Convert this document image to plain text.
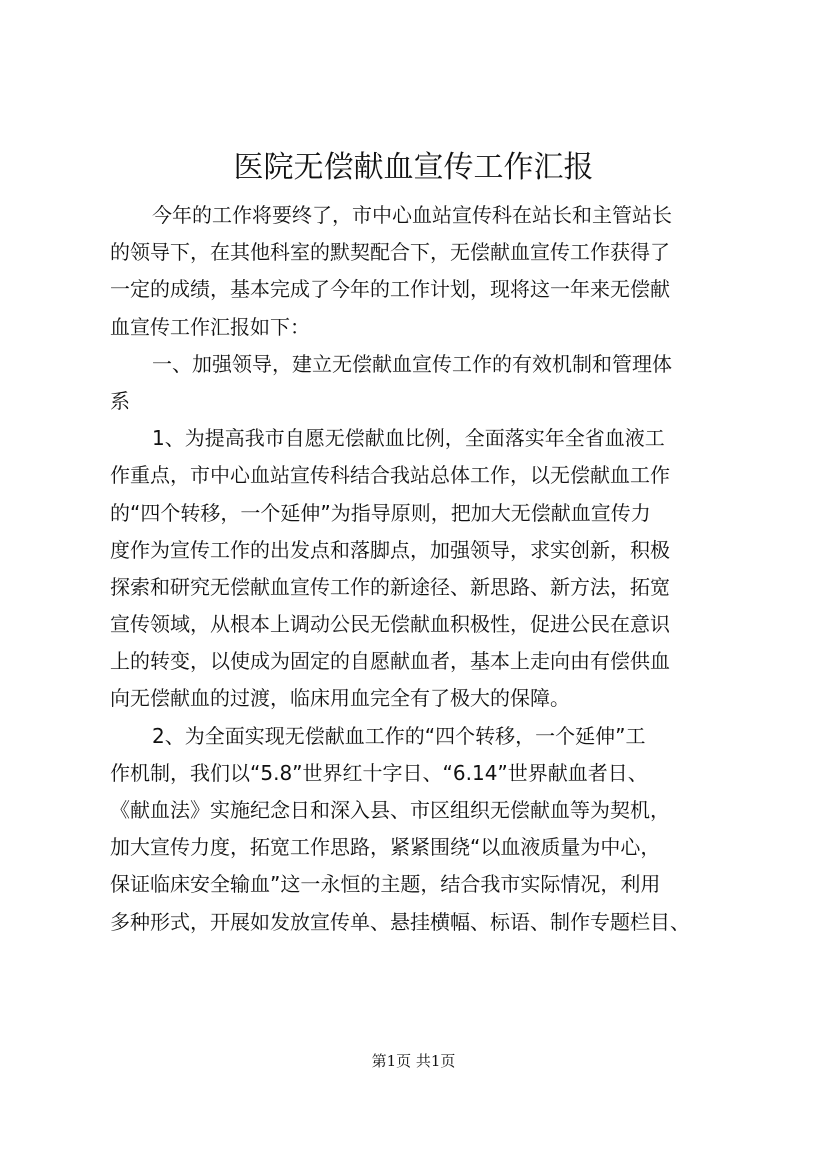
医院无偿献血宣传工作汇报
今年的工作将要终了，市中心血站宣传科在站长和主管站长
的领导下，在其他科室的默契配合下，无偿献血宣传工作获得了
一定的成绩，基本完成了今年的工作计划，现将这一年来无偿献
血宣传工作汇报如下：
一、加强领导，建立无偿献血宣传工作的有效机制和管理体
系
1、为提高我市自愿无偿献血比例，全面落实年全省血液工
作重点，市中心血站宣传科结合我站总体工作，以无偿献血工作
的“四个转移，一个延伸”为指导原则，把加大无偿献血宣传力
度作为宣传工作的出发点和落脚点，加强领导，求实创新，积极
探索和研究无偿献血宣传工作的新途径、新思路、新方法，拓宽
宣传领域，从根本上调动公民无偿献血积极性，促进公民在意识
上的转变，以使成为固定的自愿献血者，基本上走向由有偿供血
向无偿献血的过渡，临床用血完全有了极大的保障。
2、为全面实现无偿献血工作的“四个转移，一个延伸”工
作机制，我们以“5.8”世界红十字日、“6.14”世界献血者日、
《献血法》实施纪念日和深入县、市区组织无偿献血等为契机，
加大宣传力度，拓宽工作思路，紧紧围绕“以血液质量为中心，
保证临床安全输血”这一永恒的主题，结合我市实际情况，利用
多种形式，开展如发放宣传单、悬挂横幅、标语、制作专题栏目、
第1页 共1页
